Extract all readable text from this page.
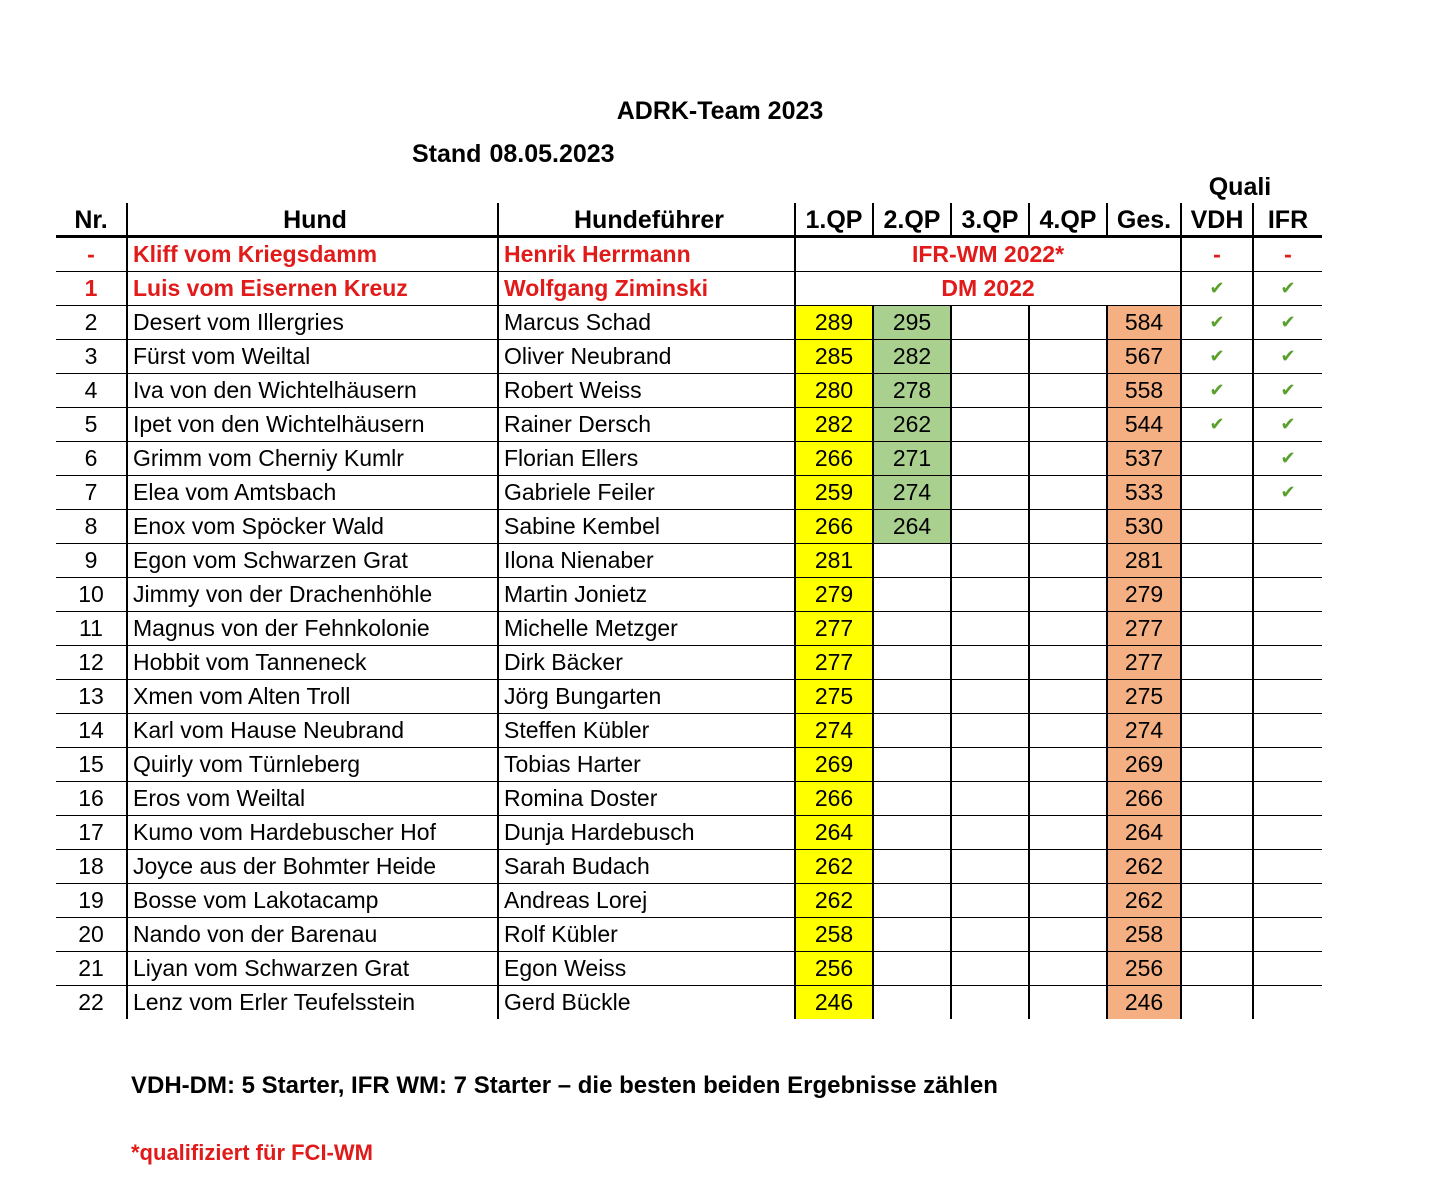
ADRK-Team 2023
Stand 08.05.2023
Quali
Nr.	Hund	Hundeführer	1.QP	2.QP	3.QP	4.QP	Ges.	VDH	IFR
-	Kliff vom Kriegsdamm	Henrik Herrmann	IFR-WM 2022*					-	-
1	Luis vom Eisernen Kreuz	Wolfgang Ziminski	DM 2022					✔	✔
2	Desert vom Illergries	Marcus Schad	289	295			584	✔	✔
3	Fürst vom Weiltal	Oliver Neubrand	285	282			567	✔	✔
4	Iva von den Wichtelhäusern	Robert Weiss	280	278			558	✔	✔
5	Ipet von den Wichtelhäusern	Rainer Dersch	282	262			544	✔	✔
6	Grimm vom Cherniy Kumlr	Florian Ellers	266	271			537		✔
7	Elea vom Amtsbach	Gabriele Feiler	259	274			533		✔
8	Enox vom Spöcker Wald	Sabine Kembel	266	264			530		
9	Egon vom Schwarzen Grat	Ilona Nienaber	281				281		
10	Jimmy von der Drachenhöhle	Martin Jonietz	279				279		
11	Magnus von der Fehnkolonie	Michelle Metzger	277				277		
12	Hobbit vom Tanneneck	Dirk Bäcker	277				277		
13	Xmen vom Alten Troll	Jörg Bungarten	275				275		
14	Karl vom Hause Neubrand	Steffen Kübler	274				274		
15	Quirly vom Türnleberg	Tobias Harter	269				269		
16	Eros vom Weiltal	Romina Doster	266				266		
17	Kumo vom Hardebuscher Hof	Dunja Hardebusch	264				264		
18	Joyce aus der Bohmter Heide	Sarah Budach	262				262		
19	Bosse vom Lakotacamp	Andreas Lorej	262				262		
20	Nando von der Barenau	Rolf Kübler	258				258		
21	Liyan vom Schwarzen Grat	Egon Weiss	256				256		
22	Lenz vom Erler Teufelsstein	Gerd Bückle	246				246		
VDH-DM: 5 Starter, IFR WM: 7 Starter – die besten beiden Ergebnisse zählen
*qualifiziert für FCI-WM
